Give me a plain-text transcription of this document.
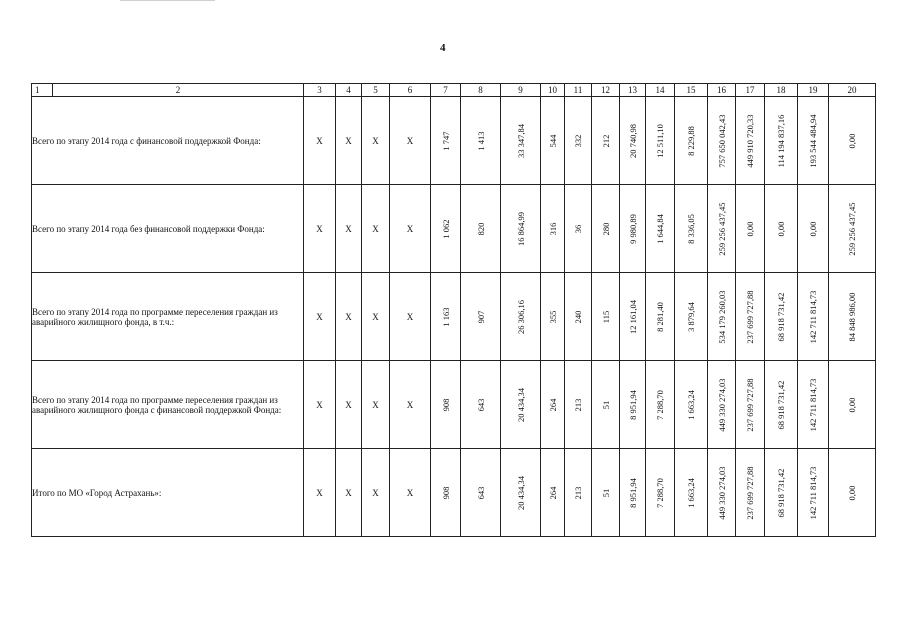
4
1	2	3	4	5	6	7	8	9	10	11	12	13	14	15	16	17	18	19	20
Всего по этапу 2014 года с финансовой поддержкой Фонда:		X	X	X	X	1 747	1 413	33 347,84	544	332	212	20 740,98	12 511,10	8 229,88	757 650 042,43	449 910 720,33	114 194 837,16	193 544 484,94	0,00

Всего по этапу 2014 года без финансовой поддержки Фонда:		X	X	X	X	1 062	820	16 864,99	316	36	280	9 980,89	1 644,84	8 336,05	259 256 437,45	0,00	0,00	0,00	259 256 437,45

Всего по этапу 2014 года по программе переселения граждан из аварийного жилищного фонда, в т.ч.:		X	X	X	X	1 163	907	26 306,16	355	240	115	12 161,04	8 281,40	3 879,64	534 179 260,03	237 699 727,88	68 918 731,42	142 711 814,73	84 848 986,00

Всего по этапу 2014 года по программе переселения граждан из аварийного жилищного фонда с финансовой поддержкой Фонда:		X	X	X	X	908	643	20 434,34	264	213	51	8 951,94	7 288,70	1 663,24	449 330 274,03	237 699 727,88	68 918 731,42	142 711 814,73	0,00

Итого по МО «Город Астрахань»:		X	X	X	X	908	643	20 434,34	264	213	51	8 951,94	7 288,70	1 663,24	449 330 274,03	237 699 727,88	68 918 731,42	142 711 814,73	0,00
